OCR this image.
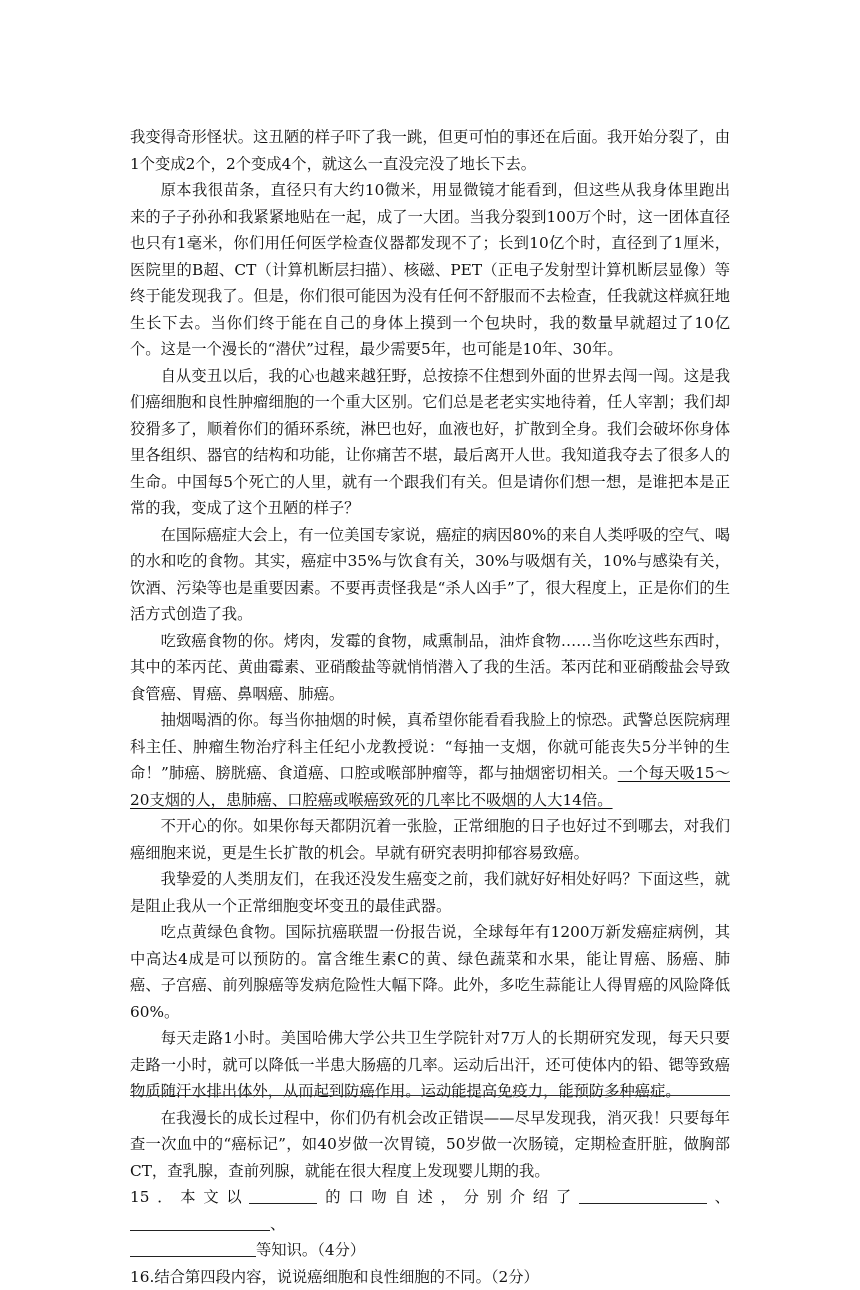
我变得奇形怪状。这丑陋的样子吓了我一跳，但更可怕的事还在后面。我开始分裂了，由1个变成2个，2个变成4个，就这么一直没完没了地长下去。

原本我很苗条，直径只有大约10微米，用显微镜才能看到，但这些从我身体里跑出来的子子孙孙和我紧紧地贴在一起，成了一大团。当我分裂到100万个时，这一团体直径也只有1毫米，你们用任何医学检查仪器都发现不了；长到10亿个时，直径到了1厘米，医院里的B超、CT（计算机断层扫描）、核磁、PET（正电子发射型计算机断层显像）等终于能发现我了。但是，你们很可能因为没有任何不舒服而不去检查，任我就这样疯狂地生长下去。当你们终于能在自己的身体上摸到一个包块时，我的数量早就超过了10亿个。这是一个漫长的“潜伏”过程，最少需要5年，也可能是10年、30年。

自从变丑以后，我的心也越来越狂野，总按捺不住想到外面的世界去闯一闯。这是我们癌细胞和良性肿瘤细胞的一个重大区别。它们总是老老实实地待着，任人宰割；我们却狡猾多了，顺着你们的循环系统，淋巴也好，血液也好，扩散到全身。我们会破坏你身体里各组织、器官的结构和功能，让你痛苦不堪，最后离开人世。我知道我夺去了很多人的生命。中国每5个死亡的人里，就有一个跟我们有关。但是请你们想一想，是谁把本是正常的我，变成了这个丑陋的样子？

在国际癌症大会上，有一位美国专家说，癌症的病因80%的来自人类呼吸的空气、喝的水和吃的食物。其实，癌症中35%与饮食有关，30%与吸烟有关，10%与感染有关，饮酒、污染等也是重要因素。不要再责怪我是“杀人凶手”了，很大程度上，正是你们的生活方式创造了我。

吃致癌食物的你。烤肉，发霉的食物，咸熏制品，油炸食物……当你吃这些东西时，其中的苯丙芘、黄曲霉素、亚硝酸盐等就悄悄潜入了我的生活。苯丙芘和亚硝酸盐会导致食管癌、胃癌、鼻咽癌、肺癌。

抽烟喝酒的你。每当你抽烟的时候，真希望你能看看我脸上的惊恐。武警总医院病理科主任、肿瘤生物治疗科主任纪小龙教授说：“每抽一支烟，你就可能丧失5分半钟的生命！”肺癌、膀胱癌、食道癌、口腔或喉部肿瘤等，都与抽烟密切相关。一个每天吸15～20支烟的人，患肺癌、口腔癌或喉癌致死的几率比不吸烟的人大14倍。

不开心的你。如果你每天都阴沉着一张脸，正常细胞的日子也好过不到哪去，对我们癌细胞来说，更是生长扩散的机会。早就有研究表明抑郁容易致癌。

我挚爱的人类朋友们，在我还没发生癌变之前，我们就好好相处好吗？下面这些，就是阻止我从一个正常细胞变坏变丑的最佳武器。

吃点黄绿色食物。国际抗癌联盟一份报告说，全球每年有1200万新发癌症病例，其中高达4成是可以预防的。富含维生素C的黄、绿色蔬菜和水果，能让胃癌、肠癌、肺癌、子宫癌、前列腺癌等发病危险性大幅下降。此外，多吃生蒜能让人得胃癌的风险降低60%。

每天走路1小时。美国哈佛大学公共卫生学院针对7万人的长期研究发现，每天只要走路一小时，就可以降低一半患大肠癌的几率。运动后出汗，还可使体内的铅、锶等致癌物质随汗水排出体外，从而起到防癌作用。运动能提高免疫力，能预防多种癌症。

在我漫长的成长过程中，你们仍有机会改正错误——尽早发现我，消灭我！只要每年查一次血中的“癌标记”，如40岁做一次胃镜，50岁做一次肠镜，定期检查肝脏，做胸部CT，查乳腺，查前列腺，就能在很大程度上发现婴儿期的我。

15．本文以	的口吻自述，分别介绍了	、、
等知识。（4分）

16.结合第四段内容，说说癌细胞和良性细胞的不同。（2分）
